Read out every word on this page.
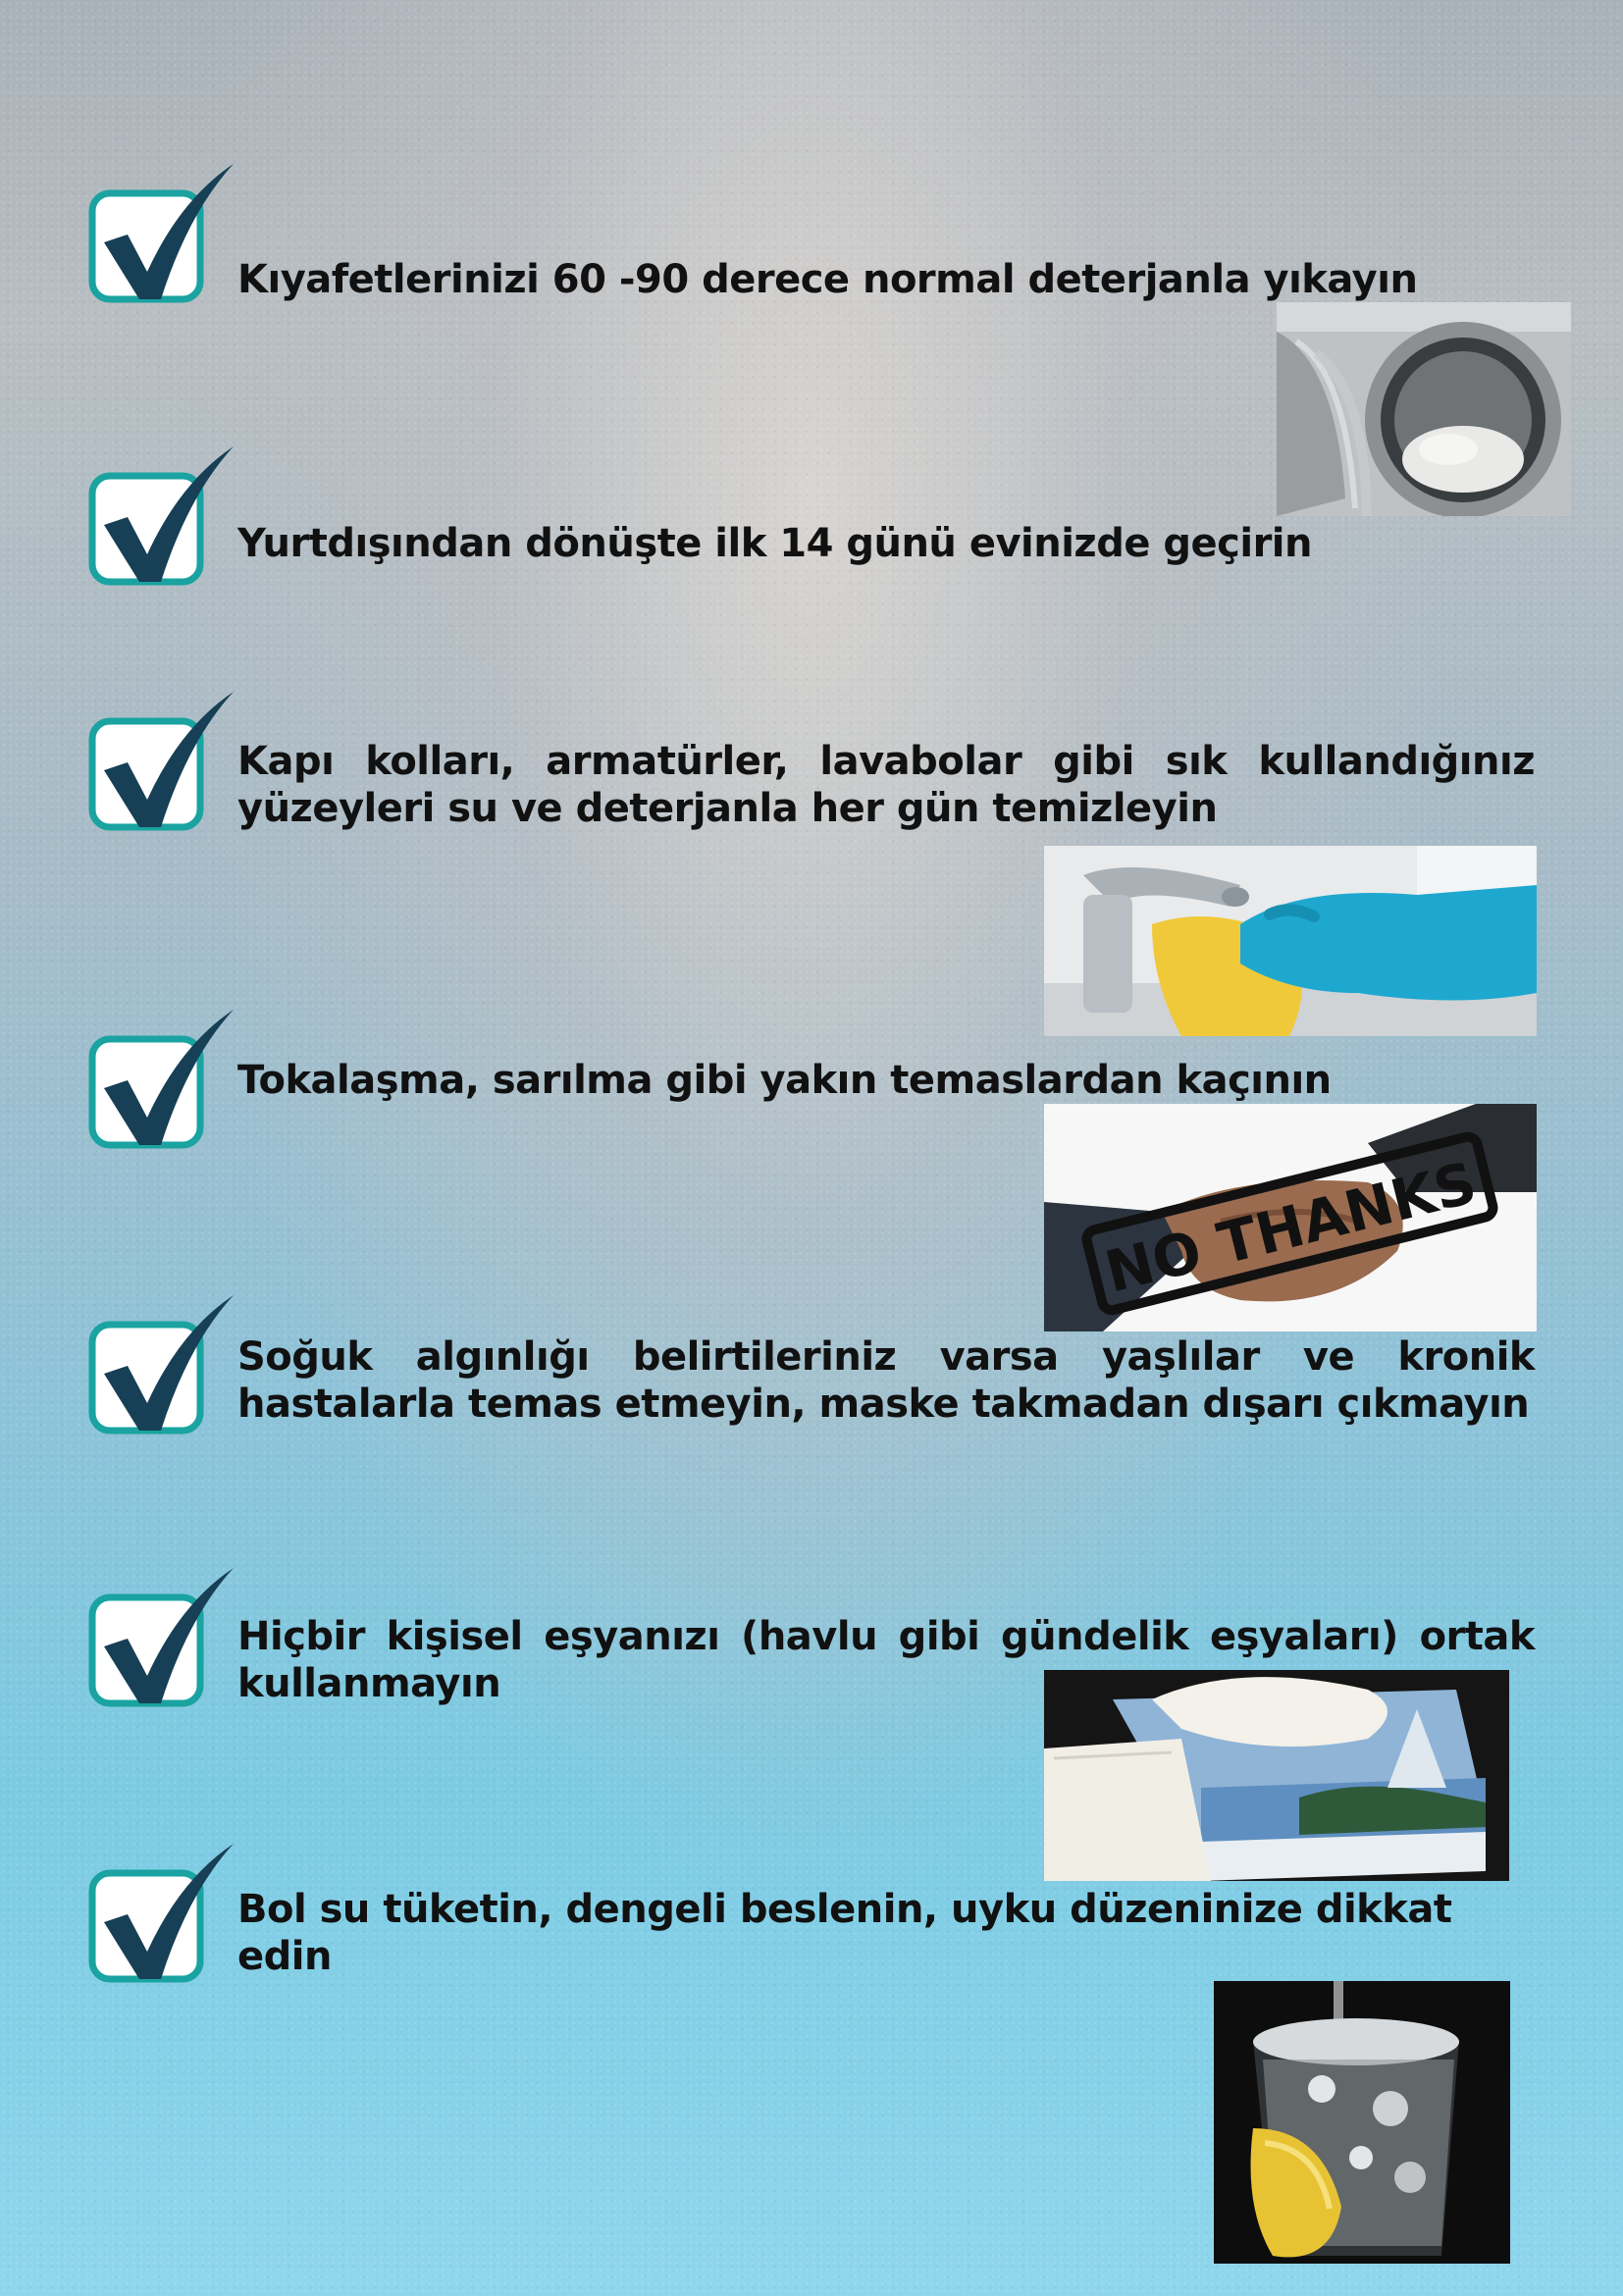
Kıyafetlerinizi 60 -90 derece normal deterjanla yıkayın

Yurtdışından dönüşte ilk 14 günü evinizde geçirin

Kapı kolları, armatürler, lavabolar gibi sık kullandığınız yüzeyleri su ve deterjanla her gün temizleyin

Tokalaşma, sarılma gibi yakın temaslardan kaçının

NO THANKS

Soğuk algınlığı belirtileriniz varsa yaşlılar ve kronik hastalarla temas etmeyin, maske takmadan dışarı çıkmayın

Hiçbir kişisel eşyanızı (havlu gibi gündelik eşyaları) ortak kullanmayın

Bol su tüketin, dengeli beslenin, uyku düzeninize dikkat edin
